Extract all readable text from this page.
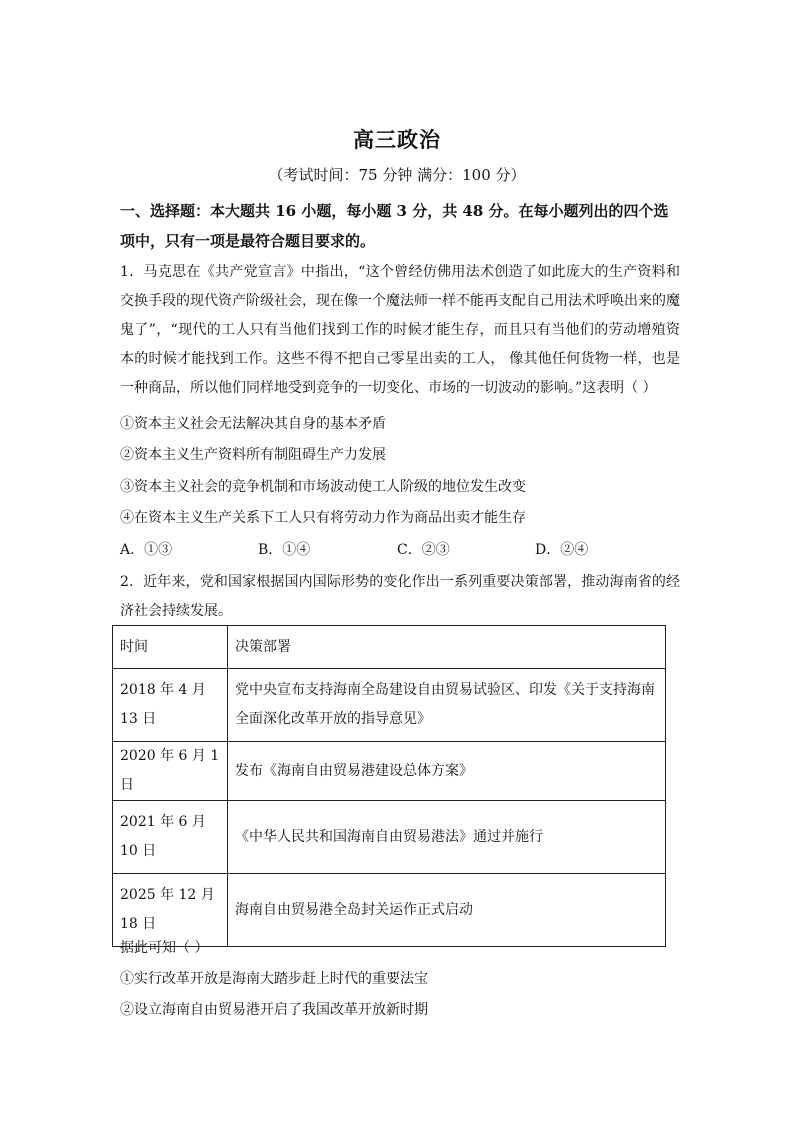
高三政治
（考试时间：75 分钟 满分：100 分）
一、选择题：本大题共 16 小题，每小题 3 分，共 48 分。在每小题列出的四个选项中，只有一项是最符合题目要求的。
1．马克思在《共产党宣言》中指出，“这个曾经仿佛用法术创造了如此庞大的生产资料和交换手段的现代资产阶级社会，现在像一个魔法师一样不能再支配自己用法术呼唤出来的魔鬼了”，“现代的工人只有当他们找到工作的时候才能生存，而且只有当他们的劳动增殖资本的时候才能找到工作。这些不得不把自己零星出卖的工人， 像其他任何货物一样，也是一种商品，所以他们同样地受到竞争的一切变化、市场的一切波动的影响。”这表明（ ）
①资本主义社会无法解决其自身的基本矛盾
②资本主义生产资料所有制阻碍生产力发展
③资本主义社会的竞争机制和市场波动使工人阶级的地位发生改变
④在资本主义生产关系下工人只有将劳动力作为商品出卖才能生存
A．①③	B．①④	C．②③	D．②④
2．近年来，党和国家根据国内国际形势的变化作出一系列重要决策部署，推动海南省的经济社会持续发展。
时间	决策部署
2018 年 4 月 13 日	党中央宣布支持海南全岛建设自由贸易试验区、印发《关于支持海南全面深化改革开放的指导意见》
2020 年 6 月 1 日	发布《海南自由贸易港建设总体方案》
2021 年 6 月 10 日	《中华人民共和国海南自由贸易港法》通过并施行
2025 年 12 月 18 日	海南自由贸易港全岛封关运作正式启动
据此可知（ ）
①实行改革开放是海南大踏步赶上时代的重要法宝
②设立海南自由贸易港开启了我国改革开放新时期
